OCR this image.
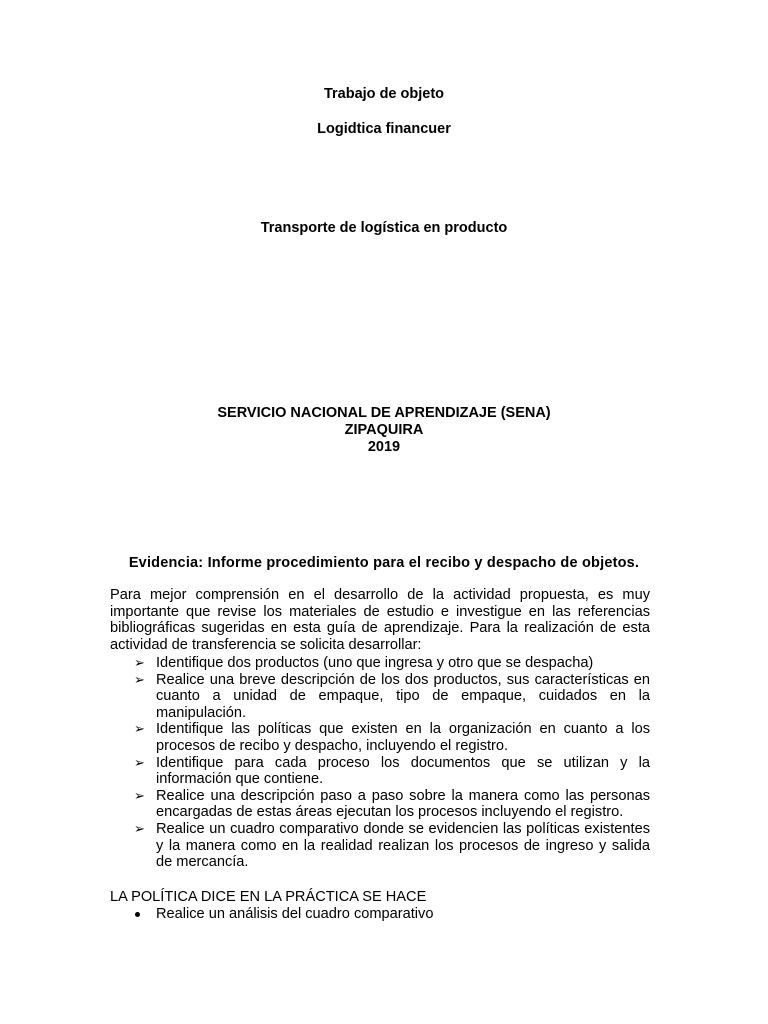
Trabajo de objeto
Logidtica financuer
Transporte de logística en producto
SERVICIO NACIONAL DE APRENDIZAJE (SENA)
ZIPAQUIRA
2019
Evidencia: Informe procedimiento para el recibo y despacho de objetos.
Para mejor comprensión en el desarrollo de la actividad propuesta, es muy importante que revise los materiales de estudio e investigue en las referencias bibliográficas sugeridas en esta guía de aprendizaje. Para la realización de esta actividad de transferencia se solicita desarrollar:
➢ Identifique dos productos (uno que ingresa y otro que se despacha)
➢ Realice una breve descripción de los dos productos, sus características en cuanto a unidad de empaque, tipo de empaque, cuidados en la manipulación.
➢ Identifique las políticas que existen en la organización en cuanto a los procesos de recibo y despacho, incluyendo el registro.
➢ Identifique para cada proceso los documentos que se utilizan y la información que contiene.
➢ Realice una descripción paso a paso sobre la manera como las personas encargadas de estas áreas ejecutan los procesos incluyendo el registro.
➢ Realice un cuadro comparativo donde se evidencien las políticas existentes y la manera como en la realidad realizan los procesos de ingreso y salida de mercancía.
LA POLÍTICA DICE EN LA PRÁCTICA SE HACE
Realice un análisis del cuadro comparativo
